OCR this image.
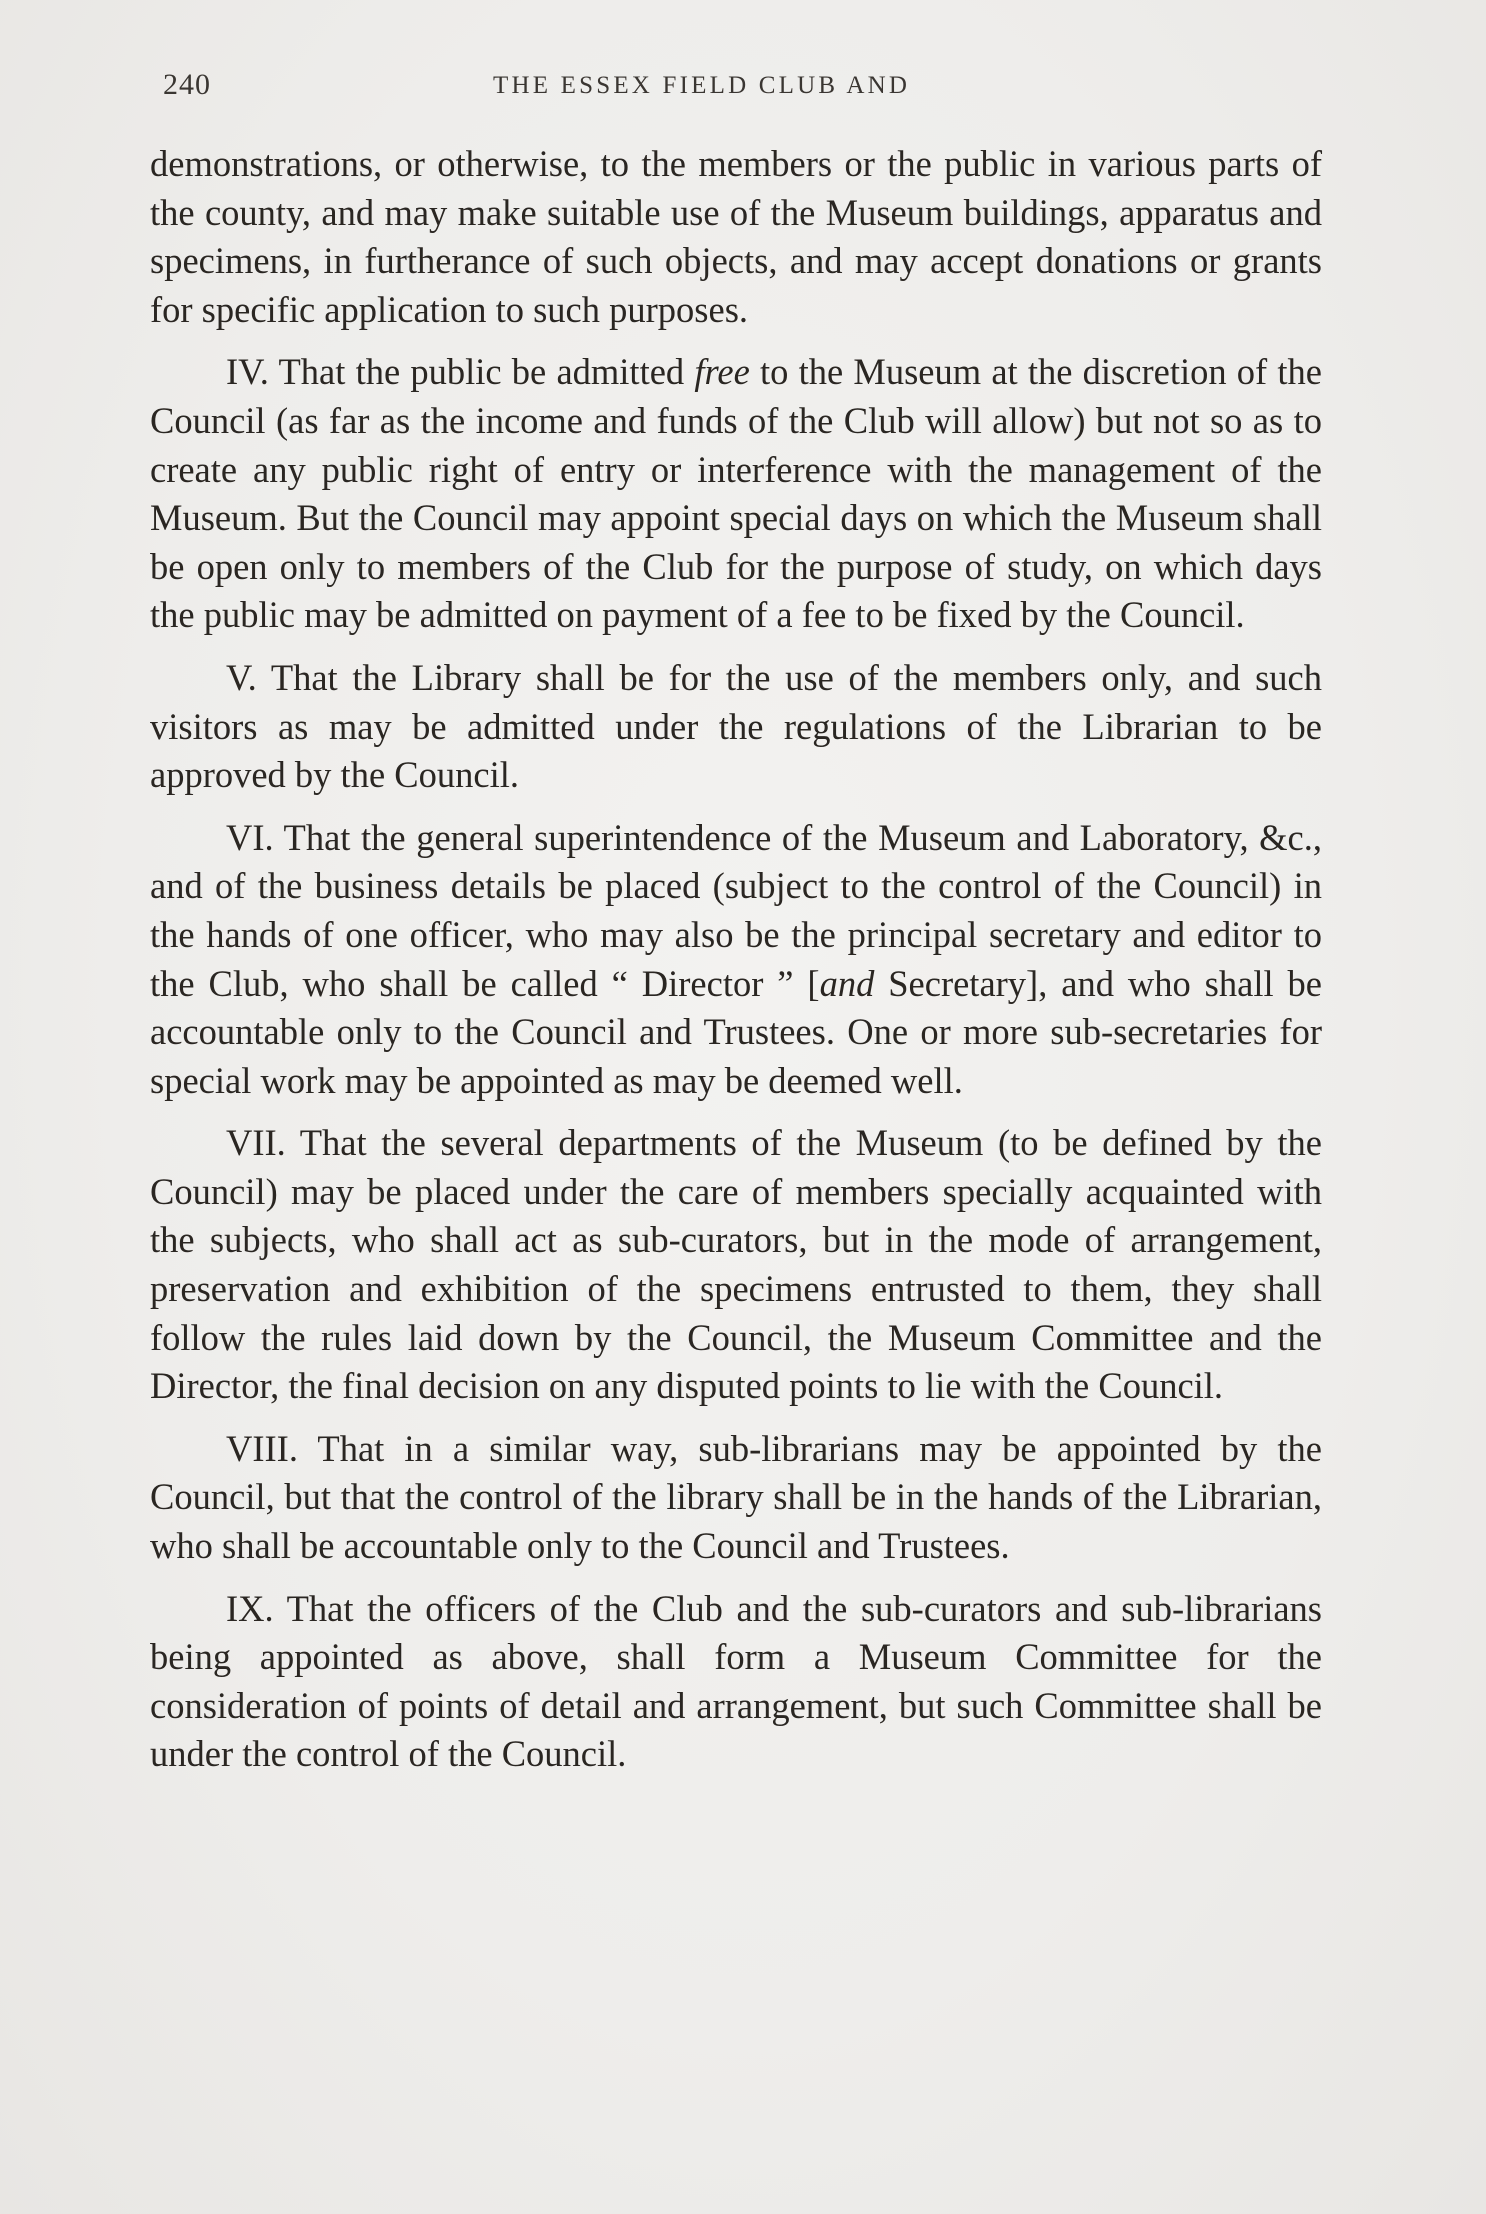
240	THE ESSEX FIELD CLUB AND

demonstrations, or otherwise, to the members or the public in various parts of the county, and may make suitable use of the Museum buildings, apparatus and specimens, in furtherance of such objects, and may accept donations or grants for specific application to such purposes.

IV. That the public be admitted free to the Museum at the discretion of the Council (as far as the income and funds of the Club will allow) but not so as to create any public right of entry or interference with the management of the Museum. But the Council may appoint special days on which the Museum shall be open only to members of the Club for the purpose of study, on which days the public may be admitted on payment of a fee to be fixed by the Council.

V. That the Library shall be for the use of the members only, and such visitors as may be admitted under the regulations of the Librarian to be approved by the Council.

VI. That the general superintendence of the Museum and Laboratory, &c., and of the business details be placed (subject to the control of the Council) in the hands of one officer, who may also be the principal secretary and editor to the Club, who shall be called “ Director ” [and Secretary], and who shall be accountable only to the Council and Trustees. One or more sub-secretaries for special work may be appointed as may be deemed well.

VII. That the several departments of the Museum (to be defined by the Council) may be placed under the care of members specially acquainted with the subjects, who shall act as sub-curators, but in the mode of arrangement, preservation and exhibition of the specimens entrusted to them, they shall follow the rules laid down by the Council, the Museum Committee and the Director, the final decision on any disputed points to lie with the Council.

VIII. That in a similar way, sub-librarians may be appointed by the Council, but that the control of the library shall be in the hands of the Librarian, who shall be accountable only to the Council and Trustees.

IX. That the officers of the Club and the sub-curators and sub-librarians being appointed as above, shall form a Museum Committee for the consideration of points of detail and arrangement, but such Committee shall be under the control of the Council.
